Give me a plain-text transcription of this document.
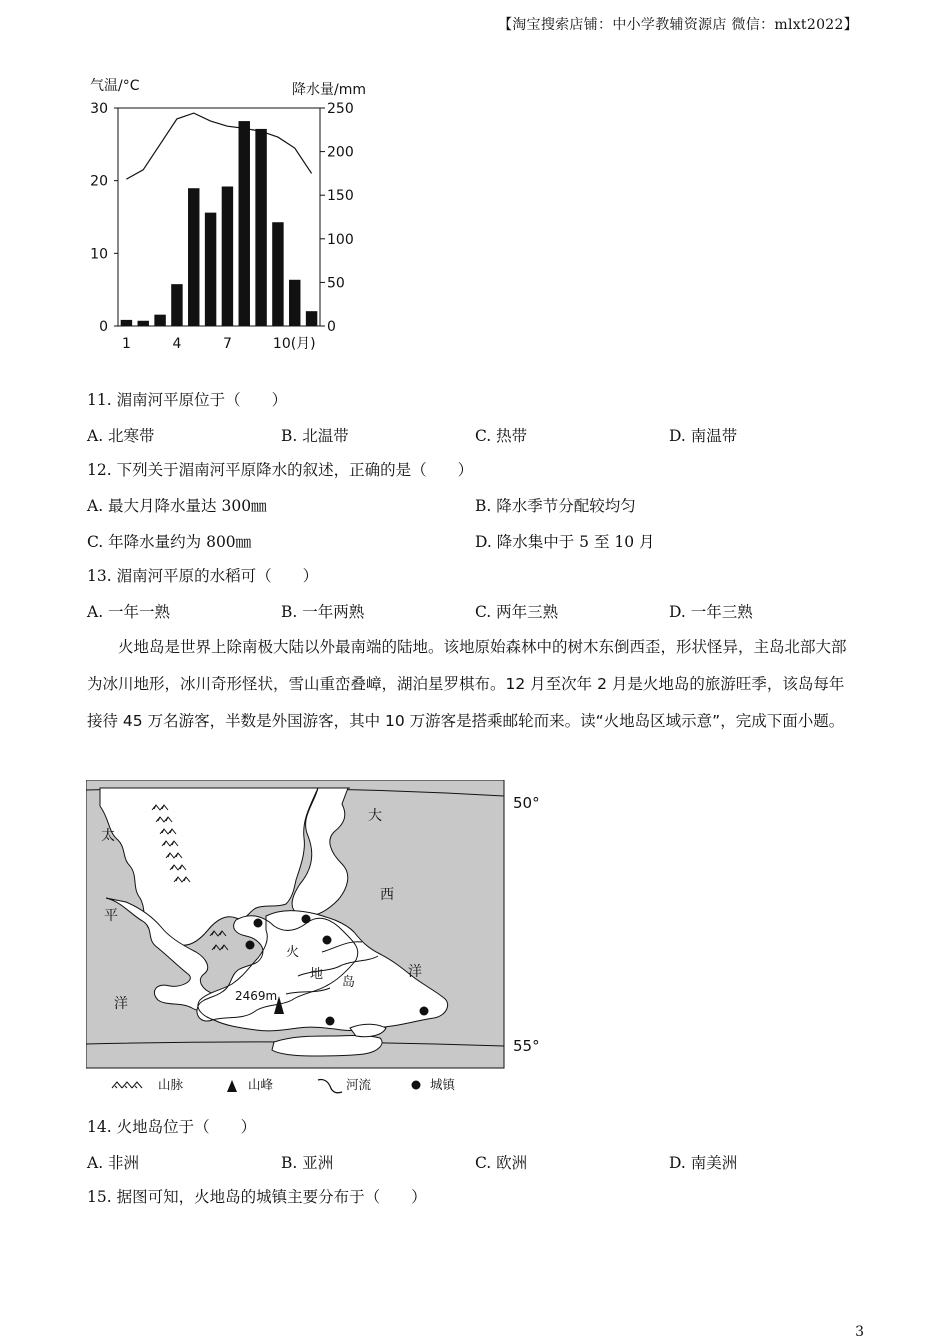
【淘宝搜索店铺：中小学教辅资源店 微信：mlxt2022】
气温/°C	降水量/mm
30
20
10
0
250
200
150
100
50
0
1	4	7	10(月)
11. 湄南河平原位于（　　）
A. 北寒带	B. 北温带	C. 热带	D. 南温带
12. 下列关于湄南河平原降水的叙述，正确的是（　　）
A. 最大月降水量达 300㎜	B. 降水季节分配较均匀
C. 年降水量约为 800㎜	D. 降水集中于 5 至 10 月
13. 湄南河平原的水稻可（　　）
A. 一年一熟	B. 一年两熟	C. 两年三熟	D. 一年三熟

火地岛是世界上除南极大陆以外最南端的陆地。该地原始森林中的树木东倒西歪，形状怪异，主岛北部大部为冰川地形，冰川奇形怪状，雪山重峦叠嶂，湖泊星罗棋布。12 月至次年 2 月是火地岛的旅游旺季，该岛每年接待 45 万名游客，半数是外国游客，其中 10 万游客是搭乘邮轮而来。读“火地岛区域示意”，完成下面小题。

2469m
太
平
洋
大
西
洋
火
地
岛
50°
55°
山脉	山峰	河流	城镇
14. 火地岛位于（　　）
A. 非洲	B. 亚洲	C. 欧洲	D. 南美洲
15. 据图可知，火地岛的城镇主要分布于（　　）
3
